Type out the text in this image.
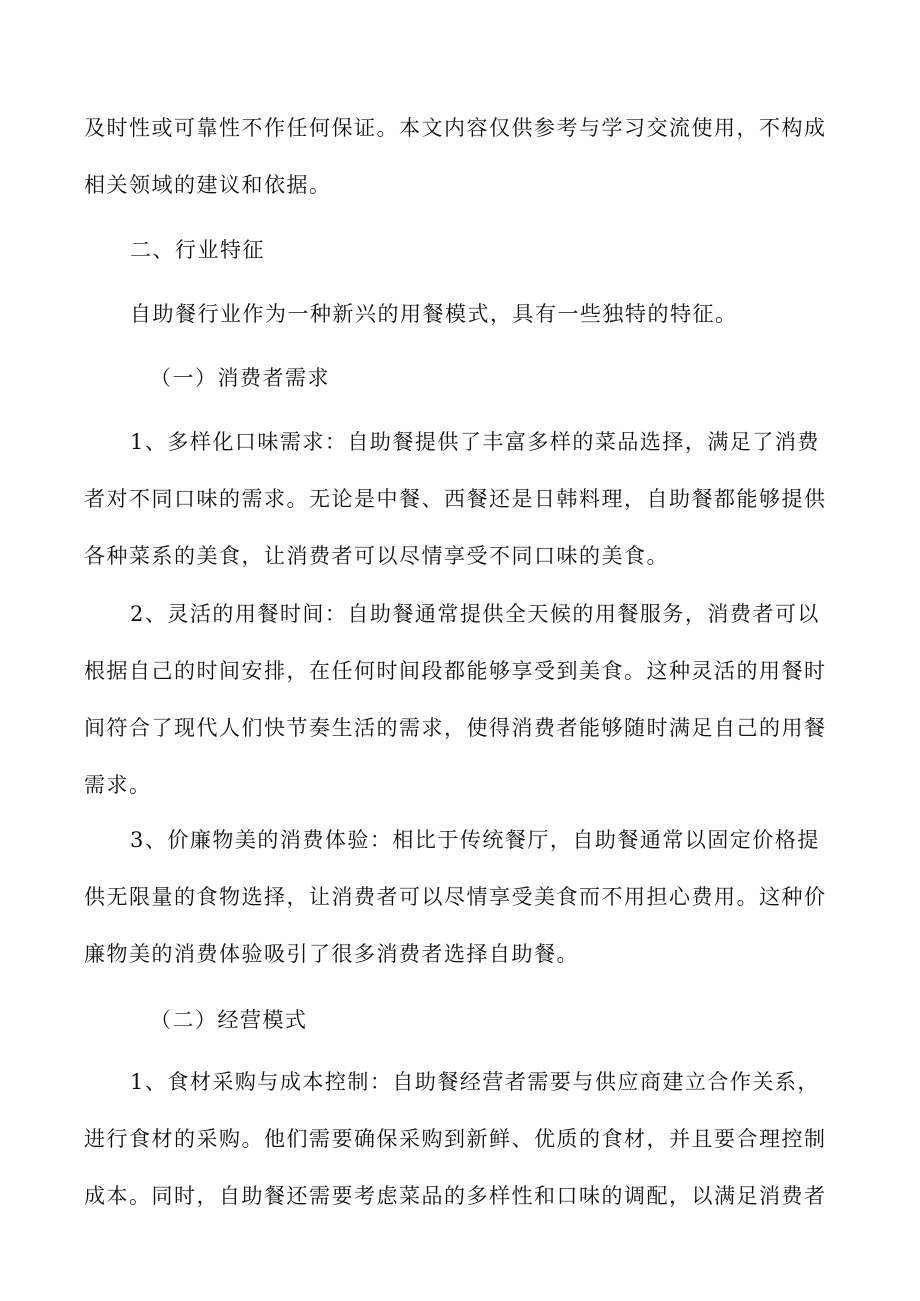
及时性或可靠性不作任何保证。本文内容仅供参考与学习交流使用，不构成
相关领域的建议和依据。
二、行业特征
自助餐行业作为一种新兴的用餐模式，具有一些独特的特征。
（一）消费者需求
1、多样化口味需求：自助餐提供了丰富多样的菜品选择，满足了消费
者对不同口味的需求。无论是中餐、西餐还是日韩料理，自助餐都能够提供
各种菜系的美食，让消费者可以尽情享受不同口味的美食。
2、灵活的用餐时间：自助餐通常提供全天候的用餐服务，消费者可以
根据自己的时间安排，在任何时间段都能够享受到美食。这种灵活的用餐时
间符合了现代人们快节奏生活的需求，使得消费者能够随时满足自己的用餐
需求。
3、价廉物美的消费体验：相比于传统餐厅，自助餐通常以固定价格提
供无限量的食物选择，让消费者可以尽情享受美食而不用担心费用。这种价
廉物美的消费体验吸引了很多消费者选择自助餐。
（二）经营模式
1、食材采购与成本控制：自助餐经营者需要与供应商建立合作关系，
进行食材的采购。他们需要确保采购到新鲜、优质的食材，并且要合理控制
成本。同时，自助餐还需要考虑菜品的多样性和口味的调配，以满足消费者
